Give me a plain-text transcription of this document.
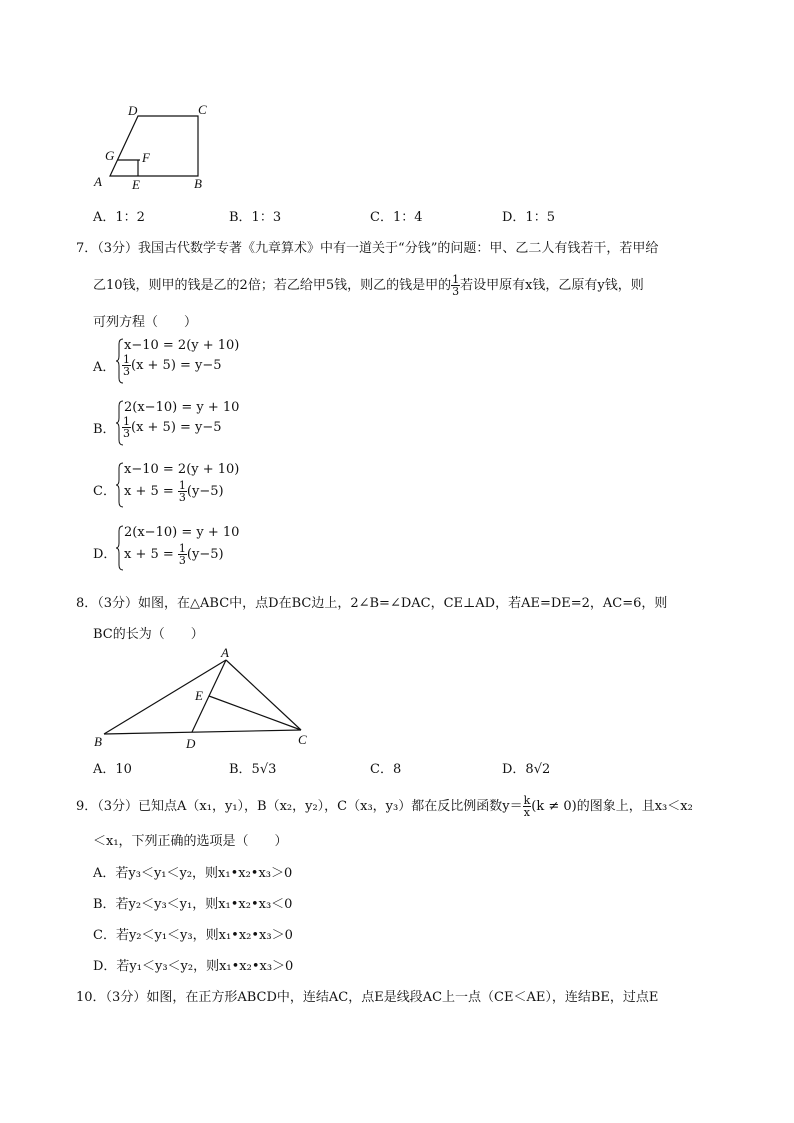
D	C
G F
A E	B
A．1：2	B．1：3	C．1：4	D．1：5
7．（3分）我国古代数学专著《九章算术》中有一道关于“分钱”的问题：甲、乙二人有钱若干，若甲给
乙10钱，则甲的钱是乙的2倍；若乙给甲5钱，则乙的钱是甲的 $\frac{1}{3}$ 若设甲原有x钱，乙原有y钱，则
可列方程（　　）
A．
x−10 = 2(y + 10)
$\frac{1}{3} (x + 5) = y-5$
B．
2(x−10) = y + 10
$\frac{1}{3} (x + 5) = y-5$
C．
x−10 = 2(y + 10)
$x + 5 = \frac{1}{3} (y-5)$
D．
2(x−10) = y + 10
$x + 5 = \frac{1}{3} (y-5)$
8．（3分）如图，在△ABC中，点D在BC边上，2∠B=∠DAC，CE⊥AD，若AE=DE=2，AC=6，则
BC的长为（　　）
A
E
B	D	C
A．10	B．5√3	C．8	D．8√2
9．（3分）已知点A（x₁，y₁），B（x₂，y₂），C（x₃，y₃）都在反比例函数$y= \frac{k}{x} (k \ne 0)$的图象上，且x₃＜x₂
＜x₁，下列正确的选项是（　　）
A．若y₃＜y₁＜y₂，则x₁•x₂•x₃＞0
B．若y₂＜y₃＜y₁，则x₁•x₂•x₃＜0
C．若y₂＜y₁＜y₃，则x₁•x₂•x₃＞0
D．若y₁＜y₃＜y₂，则x₁•x₂•x₃＞0
10．（3分）如图，在正方形ABCD中，连结AC，点E是线段AC上一点（CE＜AE），连结BE，过点E
